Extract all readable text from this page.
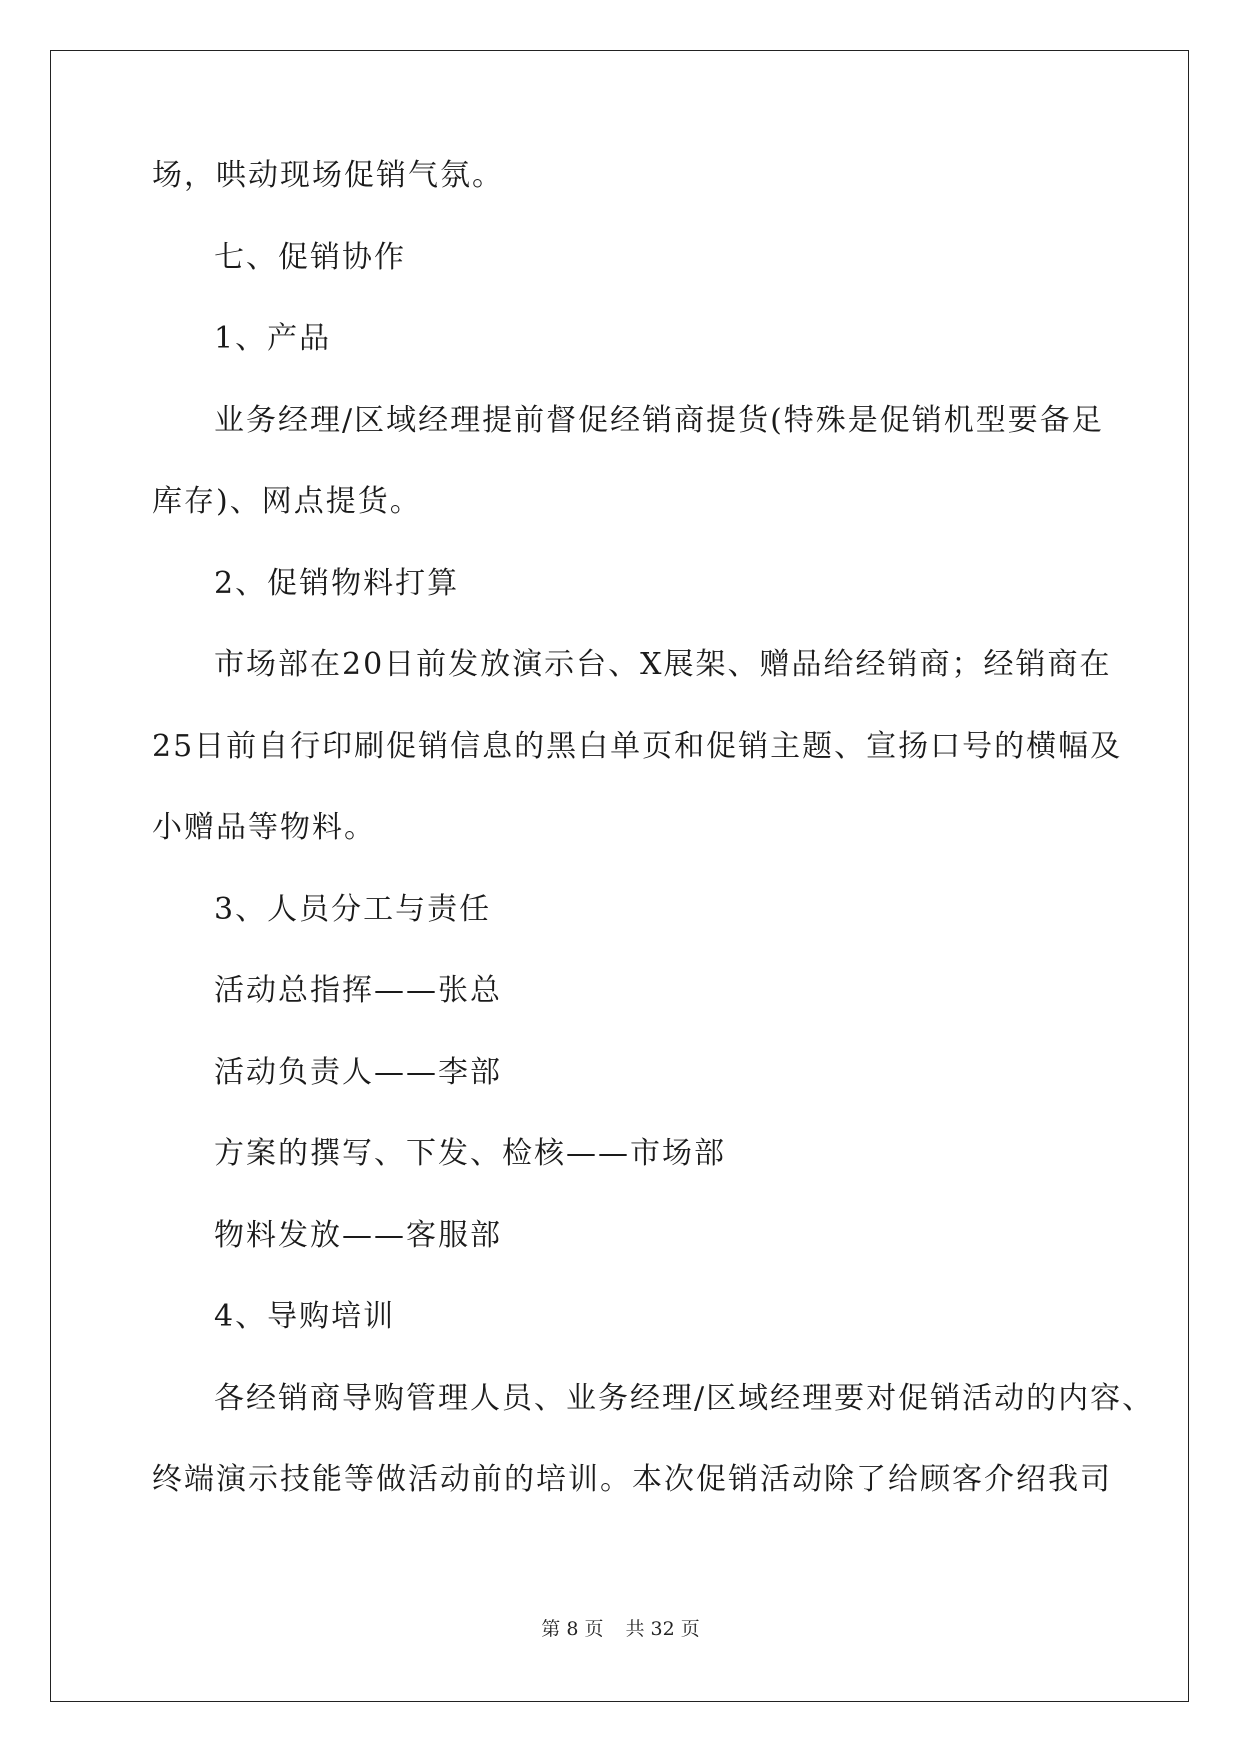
场，哄动现场促销气氛。
七、促销协作
1、产品
业务经理/区域经理提前督促经销商提货(特殊是促销机型要备足
库存)、网点提货。
2、促销物料打算
市场部在20日前发放演示台、X展架、赠品给经销商；经销商在
25日前自行印刷促销信息的黑白单页和促销主题、宣扬口号的横幅及
小赠品等物料。
3、人员分工与责任
活动总指挥——张总
活动负责人——李部
方案的撰写、下发、检核——市场部
物料发放——客服部
4、导购培训
各经销商导购管理人员、业务经理/区域经理要对促销活动的内容、
终端演示技能等做活动前的培训。本次促销活动除了给顾客介绍我司
第 8 页 共 32 页
